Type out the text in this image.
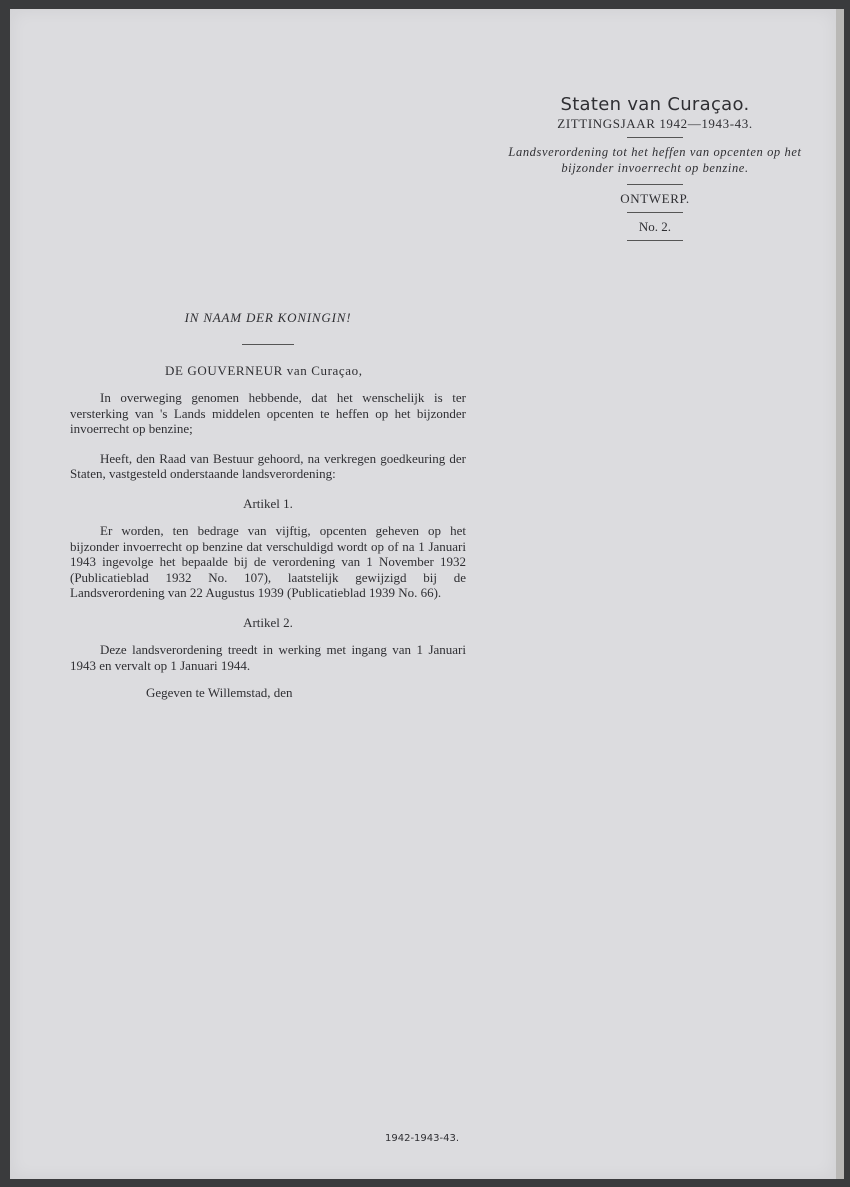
Staten van Curaçao.
ZITTINGSJAAR 1942—1943-43.
Landsverordening tot het heffen van opcenten op het bijzonder invoerrecht op benzine.
ONTWERP.
No. 2.
IN NAAM DER KONINGIN!
DE GOUVERNEUR van Curaçao,
In overweging genomen hebbende, dat het wenschelijk is ter versterking van 's Lands middelen opcenten te heffen op het bijzonder invoerrecht op benzine;
Heeft, den Raad van Bestuur gehoord, na verkregen goedkeuring der Staten, vastgesteld onderstaande landsverordening:
Artikel 1.
Er worden, ten bedrage van vijftig, opcenten geheven op het bijzonder invoerrecht op benzine dat verschuldigd wordt op of na 1 Januari 1943 ingevolge het bepaalde bij de verordening van 1 November 1932 (Publicatieblad 1932 No. 107), laatstelijk gewijzigd bij de Landsverordening van 22 Augustus 1939 (Publicatieblad 1939 No. 66).
Artikel 2.
Deze landsverordening treedt in werking met ingang van 1 Januari 1943 en vervalt op 1 Januari 1944.
Gegeven te Willemstad, den
1942-1943-43.
